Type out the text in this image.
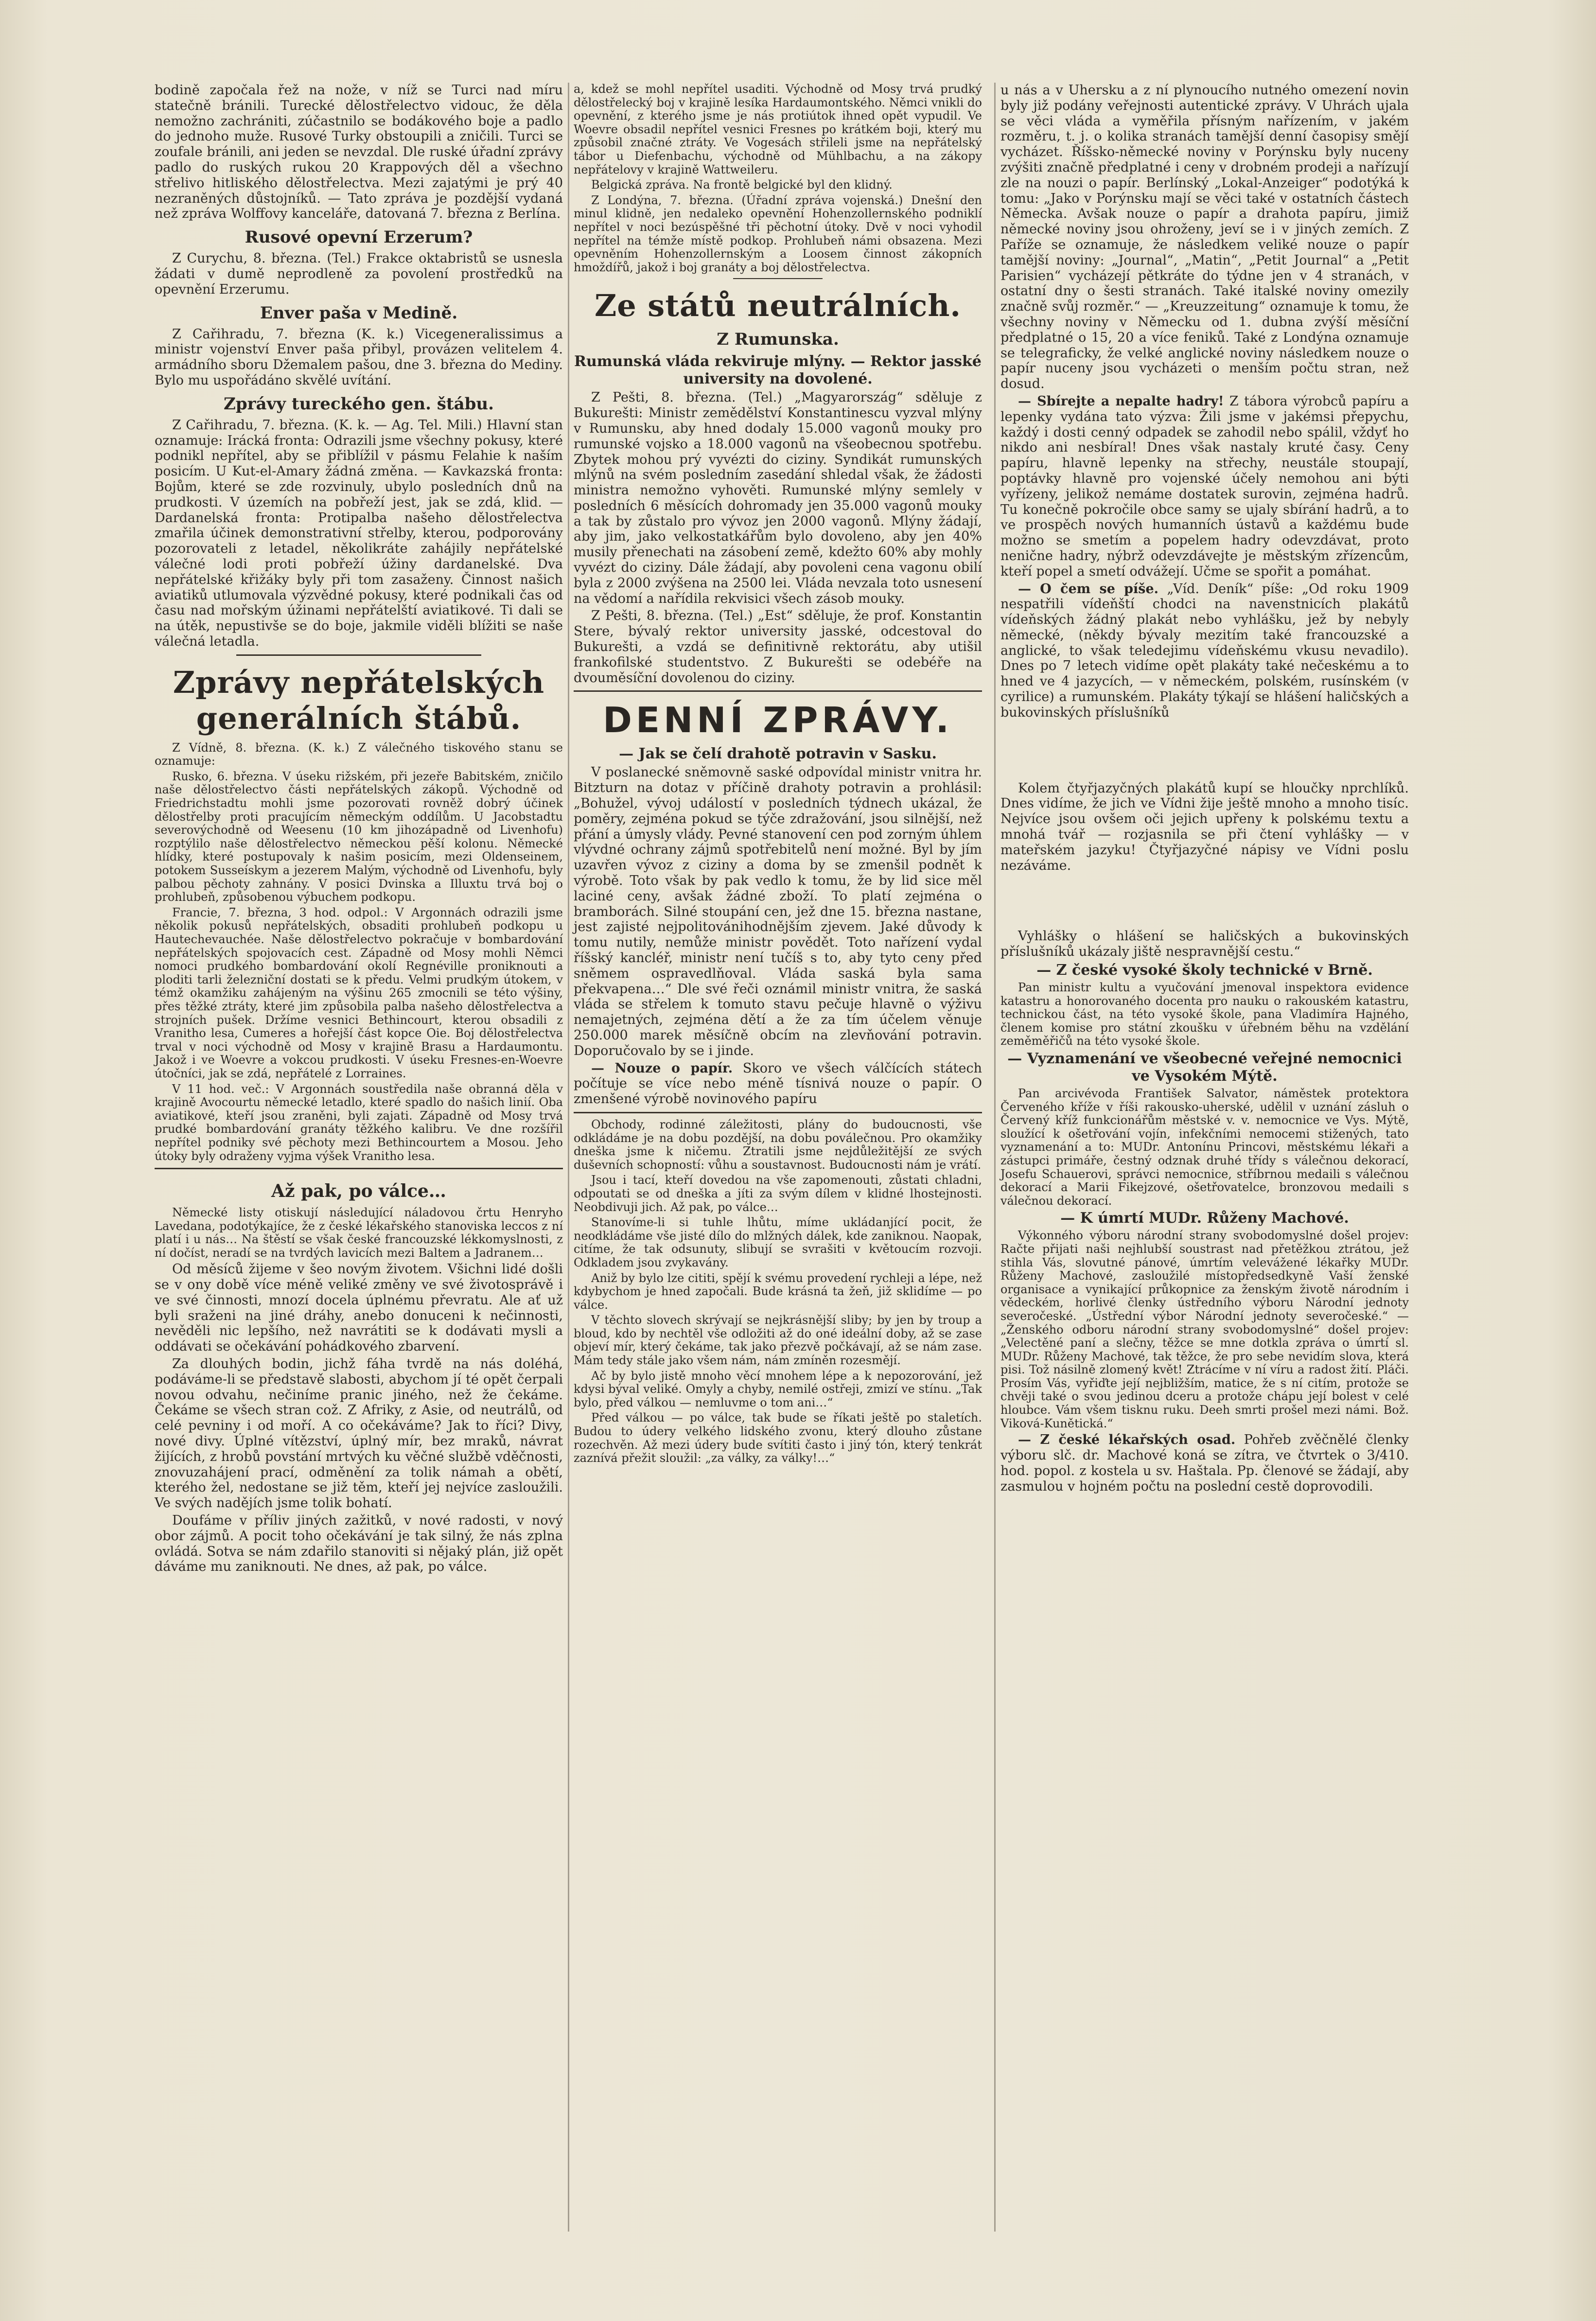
bodině započala řež na nože, v níž se Turci nad míru statečně bránili. Turecké dělostřelectvo vidouc, že děla nemožno zachrániti, zúčastnilo se bodákového boje a padlo do jednoho muže. Rusové Turky obstoupili a zničili. Turci se zoufale bránili, ani jeden se nevzdal. Dle ruské úřadní zprávy padlo do ruských rukou 20 Krappových děl a všechno střelivo hitliského dělostřelectva. Mezi zajatými je prý 40 nezraněných důstojníků. — Tato zpráva je pozdější vydaná než zpráva Wolffovy kanceláře, datovaná 7. března z Berlína.

Rusové opevní Erzerum?

Z Curychu, 8. března. (Tel.) Frakce oktabristů se usnesla žádati v dumě neprodleně za povolení prostředků na opevnění Erzerumu.

Enver paša v Medině.

Z Cařihradu, 7. března (K. k.) Vicegeneralissimus a ministr vojenství Enver paša přibyl, provázen velitelem 4. armádního sboru Džemalem pašou, dne 3. března do Mediny. Bylo mu uspořádáno skvělé uvítání.

Zprávy tureckého gen. štábu.

Z Cařihradu, 7. března. (K. k. — Ag. Tel. Mili.) Hlavní stan oznamuje: Irácká fronta: Odrazili jsme všechny pokusy, které podnikl nepřítel, aby se přiblížil v pásmu Felahie k naším posicím. U Kut-el-Amary žádná změna. — Kavkazská fronta: Bojům, které se zde rozvinuly, ubylo posledních dnů na prudkosti. V územích na pobřeží jest, jak se zdá, klid. — Dardanelská fronta: Protipalba našeho dělostřelectva zmařila účinek demonstrativní střelby, kterou, podporovány pozorovateli z letadel, několikráte zahájily nepřátelské válečné lodi proti pobřeží úžiny dardanelské. Dva nepřátelské křižáky byly při tom zasaženy. Činnost našich aviatiků utlumovala výzvědné pokusy, které podnikali čas od času nad mořským úžinami nepřátelští aviatikové. Ti dali se na útěk, nepustivše se do boje, jakmile viděli blížiti se naše válečná letadla.

Zprávy nepřátelských generálních štábů.

Z Vídně, 8. března. (K. k.) Z válečného tiskového stanu se oznamuje:

Rusko, 6. března. V úseku rižském, při jezeře Babitském, zničilo naše dělostřelectvo části nepřátelských zákopů. Východně od Friedrichstadtu mohli jsme pozorovati rovněž dobrý účinek dělostřelby proti pracujícím německým oddílům. U Jacobstadtu severovýchodně od Weesenu (10 km jihozápadně od Livenhofu) rozptýlilo naše dělostřelectvo německou pěší kolonu. Německé hlídky, které postupovaly k našim posicím, mezi Oldenseinem, potokem Susseískym a jezerem Malým, východně od Livenhofu, byly palbou pěchoty zahnány. V posici Dvinska a Illuxtu trvá boj o prohlubeň, způsobenou výbuchem podkopu.

Francie, 7. března, 3 hod. odpol.: V Argonnách odrazili jsme několik pokusů nepřátelských, obsaditi prohlubeň podkopu u Hautechevauchée. Naše dělostřelectvo pokračuje v bombardování nepřátelských spojovacích cest. Západně od Mosy mohli Němci nomoci prudkého bombardování okolí Regnéville proniknouti a ploditi tarli železniční dostati se k předu. Velmi prudkým útokem, v témž okamžiku zahájeným na výšinu 265 zmocnili se této výšiny, přes těžké ztráty, které jim způsobila palba našeho dělostřelectva a strojních pušek. Držíme vesnici Bethincourt, kterou obsadili z Vranitho lesa, Cumeres a hořejší část kopce Oie. Boj dělostřelectva trval v noci východně od Mosy v krajině Brasu a Hardaumontu. Jakož i ve Woevre a vokcou prudkosti. V úseku Fresnes-en-Woevre útočníci, jak se zdá, nepřátelé z Lorraines.

V 11 hod. več.: V Argonnách soustředila naše obranná děla v krajině Avocourtu německé letadlo, které spadlo do našich linií. Oba aviatikové, kteří jsou zraněni, byli zajati. Západně od Mosy trvá prudké bombardování granáty těžkého kalibru. Ve dne rozšířil nepřítel podniky své pěchoty mezi Bethincourtem a Mosou. Jeho útoky byly odraženy vyjma výšek Vranitho lesa.

Až pak, po válce…

Německé listy otiskují následující náladovou črtu Henryho Lavedana, podotýkajíce, že z české lékařského stanoviska leccos z ní platí i u nás… Na štěstí se však české francouzské lékkomyslnosti, z ní dočíst, neradí se na tvrdých lavicích mezi Baltem a Jadranem…

Od měsíců žijeme v šeo novým životem. Všichni lidé došli se v ony době více méně veliké změny ve své životosprávě i ve své činnosti, mnozí docela úplnému převratu. Ale ať už byli sraženi na jiné dráhy, anebo donuceni k nečinnosti, nevěděli nic lepšího, než navrátiti se k dodávati mysli a oddávati se očekávání pohádkového zbarvení.

Za dlouhých bodin, jichž fáha tvrdě na nás doléhá, podáváme-li se představě slabosti, abychom jí té opět čerpali novou odvahu, nečiníme pranic jiného, než že čekáme. Čekáme se všech stran což. Z Afriky, z Asie, od neutrálů, od celé pevniny i od moří. A co očekáváme? Jak to říci? Divy, nové divy. Úplné vítězství, úplný mír, bez mraků, návrat žijících, z hrobů povstání mrtvých ku věčné službě vděčnosti, znovuzahájení prací, odměnění za tolik námah a obětí, kterého žel, nedostane se již těm, kteří jej nejvíce zasloužili. Ve svých nadějích jsme tolik bohatí.

Doufáme v příliv jiných zažitků, v nové radosti, v nový obor zájmů. A pocit toho očekávání je tak silný, že nás zplna ovládá. Sotva se nám zdařilo stanoviti si nějaký plán, již opět dáváme mu zaniknouti. Ne dnes, až pak, po válce.

a, kdež se mohl nepřítel usaditi. Východně od Mosy trvá prudký dělostřelecký boj v krajině lesíka Hardaumontského. Němci vnikli do opevnění, z kterého jsme je nás protiútok ihned opět vypudil. Ve Woevre obsadil nepřítel vesnici Fresnes po krátkém boji, který mu způsobil značné ztráty. Ve Vogesách střileli jsme na nepřátelský tábor u Diefenbachu, východně od Mühlbachu, a na zákopy nepřátelovy v krajině Wattweileru.

Belgická zpráva. Na frontě belgické byl den klidný.

Z Londýna, 7. března. (Úřadní zpráva vojenská.) Dnešní den minul klidně, jen nedaleko opevnění Hohenzollernského podniklí nepřítel v noci bezúspěšné tři pěchotní útoky. Dvě v noci vyhodil nepřítel na témže místě podkop. Prohlubeň námi obsazena. Mezi opevněním Hohenzollernským a Loosem činnost zákopních hmoždířů, jakož i boj granáty a boj dělostřelectva.

Ze států neutrálních.
Z Rumunska.
Rumunská vláda rekviruje mlýny. — Rektor jasské university na dovolené.

Z Pešti, 8. března. (Tel.) „Magyarország“ sděluje z Bukurešti: Ministr zemědělství Konstantinescu vyzval mlýny v Rumunsku, aby hned dodaly 15.000 vagonů mouky pro rumunské vojsko a 18.000 vagonů na všeobecnou spotřebu. Zbytek mohou prý vyvézti do ciziny. Syndikát rumunských mlýnů na svém posledním zasedání shledal však, že žádosti ministra nemožno vyhověti. Rumunské mlýny semlely v posledních 6 měsících dohromady jen 35.000 vagonů mouky a tak by zůstalo pro vývoz jen 2000 vagonů. Mlýny žádají, aby jim, jako velkostatkářům bylo dovoleno, aby jen 40% musily přenechati na zásobení země, kdežto 60% aby mohly vyvézt do ciziny. Dále žádají, aby povoleni cena vagonu obilí byla z 2000 zvýšena na 2500 lei. Vláda nevzala toto usnesení na vědomí a nařídila rekvisici všech zásob mouky.

Z Pešti, 8. března. (Tel.) „Est“ sděluje, že prof. Konstantin Stere, bývalý rektor university jasské, odcestoval do Bukurešti, a vzdá se definitivně rektorátu, aby utišil frankofilské studentstvo. Z Bukurešti se odebéře na dvouměsíční dovolenou do ciziny.

DENNÍ ZPRÁVY.
— Jak se čelí drahotě potravin v Sasku.

V poslanecké sněmovně saské odpovídal ministr vnitra hr. Bitzturn na dotaz v příčině drahoty potravin a prohlásil: „Bohužel, vývoj událostí v posledních týdnech ukázal, že poměry, zejména pokud se týče zdražování, jsou silnější, než přání a úmysly vlády. Pevné stanovení cen pod zorným úhlem vlývdné ochrany zájmů spotřebitelů není možné. Byl by jím uzavřen vývoz z ciziny a doma by se zmenšil podnět k výrobě. Toto však by pak vedlo k tomu, že by lid sice měl laciné ceny, avšak žádné zboží. To platí zejména o bramborách. Silné stoupání cen, jež dne 15. března nastane, jest zajisté nejpolitovánihodnějším zjevem. Jaké důvody k tomu nutily, nemůže ministr povědět. Toto nařízení vydal říšský kancléř, ministr není tučíš s to, aby tyto ceny před sněmem ospravedlňoval. Vláda saská byla sama překvapena…“ Dle své řeči oznámil ministr vnitra, že saská vláda se střelem k tomuto stavu pečuje hlavně o výživu nemajetných, zejména dětí a že za tím účelem věnuje 250.000 marek měsíčně obcím na zlevňování potravin. Doporučovalo by se i jinde.

— Nouze o papír. Skoro ve všech válčících státech počítuje se více nebo méně tísnivá nouze o papír. O zmenšené výrobě novinového papíru

Obchody, rodinné záležitosti, plány do budoucnosti, vše odkládáme je na dobu pozdější, na dobu poválečnou. Pro okamžiky dneška jsme k ničemu. Ztratili jsme nejdůležitější ze svých duševních schopností: vůhu a soustavnost. Budoucnosti nám je vrátí.

Jsou i tací, kteří dovedou na vše zapomenouti, zůstati chladni, odpoutati se od dneška a jíti za svým dílem v klidné lhostejnosti. Neobdivuji jich. Až pak, po válce…

Stanovíme-li si tuhle lhůtu, míme ukládanjící pocit, že neodkládáme vše jisté dílo do mlžných dálek, kde zaniknou. Naopak, citíme, že tak odsunuty, slibují se svrašiti v květoucím rozvoji. Odkladem jsou zvykavány.

Aniž by bylo lze cititi, spějí k svému provedení rychleji a lépe, než kdybychom je hned započali. Bude krásná ta žeň, již sklidíme — po válce.

V těchto slovech skrývají se nejkrásnější sliby; by jen by troup a bloud, kdo by nechtěl vše odložiti až do oné ideální doby, až se zase objeví mír, který čekáme, tak jako přezvě počkávají, až se nám zase. Mám tedy stále jako všem nám, nám zmíněn rozesmějí.

Ač by bylo jistě mnoho věcí mnohem lépe a k nepozorování, jež kdysi býval veliké. Omyly a chyby, nemilé ostřeji, zmizí ve stínu. „Tak bylo, před válkou — nemluvme o tom ani…“

Před válkou — po válce, tak bude se říkati ještě po staletích. Budou to údery velkého lidského zvonu, který dlouho zůstane rozechvěn. Až mezi údery bude svítiti často i jiný tón, který tenkrát zaznívá přežit sloužil: „za války, za války!…“

u nás a v Uhersku a z ní plynoucího nutného omezení novin byly již podány veřejnosti autentické zprávy. V Uhrách ujala se věci vláda a vyměřila přísným nařízením, v jakém rozměru, t. j. o kolika stranách tamější denní časopisy smějí vycházet. Říšsko-německé noviny v Porýnsku byly nuceny zvýšiti značně předplatné i ceny v drobném prodeji a nařízují zle na nouzi o papír. Berlínský „Lokal-Anzeiger“ podotýká k tomu: „Jako v Porýnsku mají se věci také v ostatních částech Německa. Avšak nouze o papír a drahota papíru, jimiž německé noviny jsou ohroženy, jeví se i v jiných zemích. Z Paříže se oznamuje, že následkem veliké nouze o papír tamější noviny: „Journal“, „Matin“, „Petit Journal“ a „Petit Parisien“ vycházejí pětkráte do týdne jen v 4 stranách, v ostatní dny o šesti stranách. Také italské noviny omezily značně svůj rozměr.“ — „Kreuzzeitung“ oznamuje k tomu, že všechny noviny v Německu od 1. dubna zvýší měsíční předplatné o 15, 20 a více feniků. Také z Londýna oznamuje se telegraficky, že velké anglické noviny následkem nouze o papír nuceny jsou vycházeti o menším počtu stran, než dosud.

— Sbírejte a nepalte hadry! Z tábora výrobců papíru a lepenky vydána tato výzva: Žili jsme v jakémsi přepychu, každý i dosti cenný odpadek se zahodil nebo spálil, vždyť ho nikdo ani nesbíral! Dnes však nastaly kruté časy. Ceny papíru, hlavně lepenky na střechy, neustále stoupají, poptávky hlavně pro vojenské účely nemohou ani býti vyřízeny, jelikož nemáme dostatek surovin, zejména hadrů. Tu konečně pokročile obce samy se ujaly sbírání hadrů, a to ve prospěch nových humanních ústavů a každému bude možno se smetím a popelem hadry odevzdávat, proto nenične hadry, nýbrž odevzdávejte je městským zřízencům, kteří popel a smetí odvážejí. Učme se spořit a pomáhat.

— O čem se píše. „Víd. Deník“ píše: „Od roku 1909 nespatřili vídeňští chodci na navenstnicích plakátů vídeňských žádný plakát nebo vyhlášku, jež by nebyly německé, (někdy bývaly mezitím také francouzské a anglické, to však teledejimu vídeňskému vkusu nevadilo). Dnes po 7 letech vidíme opět plakáty také nečeskému a to hned ve 4 jazycích, — v německém, polském, rusínském (v cyrilice) a rumunském. Plakáty týkají se hlášení haličských a bukovinských příslušníků

Kolem čtyřjazyčných plakátů kupí se hloučky nprchlíků. Dnes vidíme, že jich ve Vídni žije ještě mnoho a mnoho tisíc. Nejvíce jsou ovšem oči jejich upřeny k polskému textu a mnohá tvář — rozjasnila se při čtení vyhlášky — v mateřském jazyku! Čtyřjazyčné nápisy ve Vídni poslu nezáváme.

Vyhlášky o hlášení se haličských a bukovinských příslušníků ukázaly jiště nespravnější cestu.“

— Z české vysoké školy technické v Brně.

Pan ministr kultu a vyučování jmenoval inspektora evidence katastru a honorovaného docenta pro nauku o rakouském katastru, technickou část, na této vysoké škole, pana Vladimíra Hajného, členem komise pro státní zkoušku v úřebném běhu na vzdělání zeměměřičů na této vysoké škole.

— Vyznamenání ve všeobecné veřejné nemocnici ve Vysokém Mýtě.

Pan arcivévoda František Salvator, náměstek protektora Červeného kříže v říši rakousko-uherské, udělil v uznání zásluh o Červený kříž funkcionářům městské v. v. nemocnice ve Vys. Mýtě, sloužící k ošetřování vojín, infekčními nemocemi stižených, tato vyznamenání a to: MUDr. Antonínu Princovi, městskému lékaři a zástupci primáře, čestný odznak druhé třídy s válečnou dekorací, Josefu Schauerovi, správci nemocnice, stříbrnou medaili s válečnou dekorací a Marii Fikejzové, ošetřovatelce, bronzovou medaili s válečnou dekorací.

— K úmrtí MUDr. Růženy Machové.

Výkonného výboru národní strany svobodomyslné došel projev: Račte přijati naši nejhlubší soustrast nad přetěžkou ztrátou, jež stihla Vás, slovutné pánové, úmrtím velevážené lékařky MUDr. Růženy Machové, zasloužilé místopředsedkyně Vaší ženské organisace a vynikající průkopnice za ženským životě národním i vědeckém, horlivé členky ústředního výboru Národní jednoty severočeské. „Ústřední výbor Národní jednoty severočeské.“ — „Ženského odboru národní strany svobodomyslné“ došel projev: „Velectěné paní a slečny, těžce se mne dotkla zpráva o úmrtí sl. MUDr. Růženy Machové, tak těžce, že pro sebe nevidím slova, která pisi. Tož násilně zlomený květ! Ztrácíme v ní víru a radost žití. Pláči. Prosím Vás, vyřiďte její nejbližším, matice, že s ní citím, protože se chvěji také o svou jedinou dceru a protože chápu její bolest v celé hloubce. Vám všem tisknu ruku. Deeh smrti prošel mezi námi. Bož. Viková-Kunětická.“

— Z české lékařských osad. Pohřeb zvěčnělé členky výboru slč. dr. Machové koná se zítra, ve čtvrtek o 3/410. hod. popol. z kostela u sv. Haštala. Pp. členové se žádají, aby zasmulou v hojném počtu na poslední cestě doprovodili.
